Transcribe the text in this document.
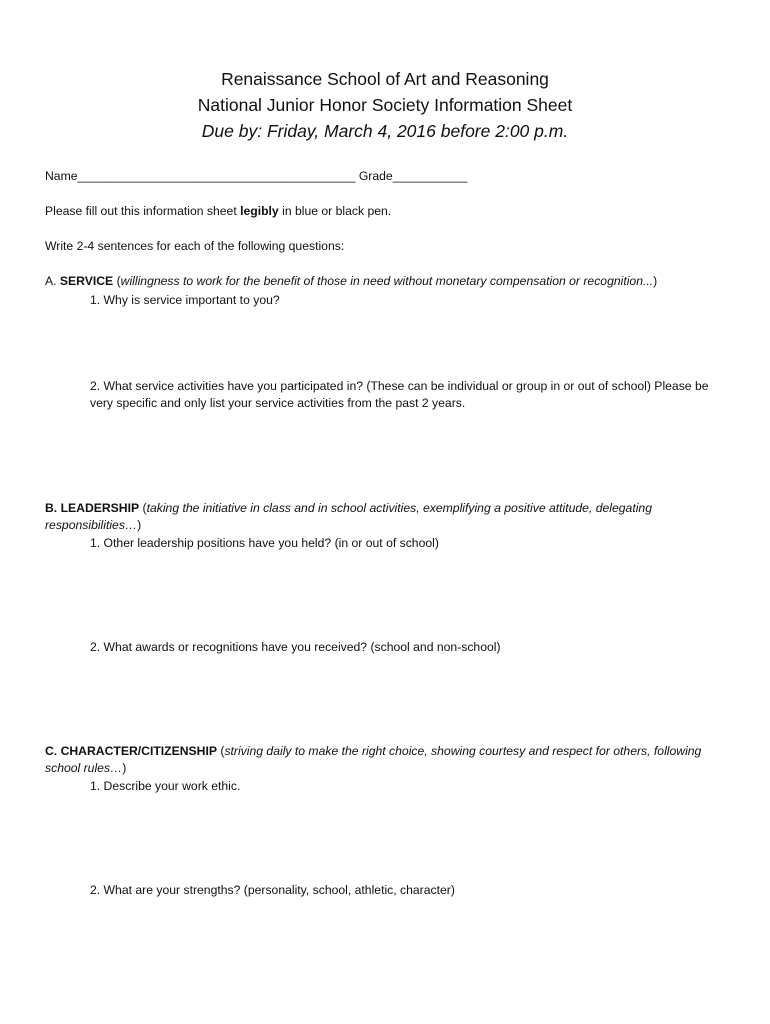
Renaissance School of Art and Reasoning
National Junior Honor Society Information Sheet
Due by: Friday, March 4, 2016 before 2:00 p.m.
Name_________________________________________ Grade___________
Please fill out this information sheet legibly in blue or black pen.
Write 2-4 sentences for each of the following questions:
A. SERVICE (willingness to work for the benefit of those in need without monetary compensation or recognition...)
1. Why is service important to you?
2. What service activities have you participated in? (These can be individual or group in or out of school) Please be very specific and only list your service activities from the past 2 years.
B. LEADERSHIP (taking the initiative in class and in school activities, exemplifying a positive attitude, delegating responsibilities…)
1. Other leadership positions have you held? (in or out of school)
2. What awards or recognitions have you received? (school and non-school)
C. CHARACTER/CITIZENSHIP (striving daily to make the right choice, showing courtesy and respect for others, following school rules…)
1. Describe your work ethic.
2. What are your strengths? (personality, school, athletic, character)
